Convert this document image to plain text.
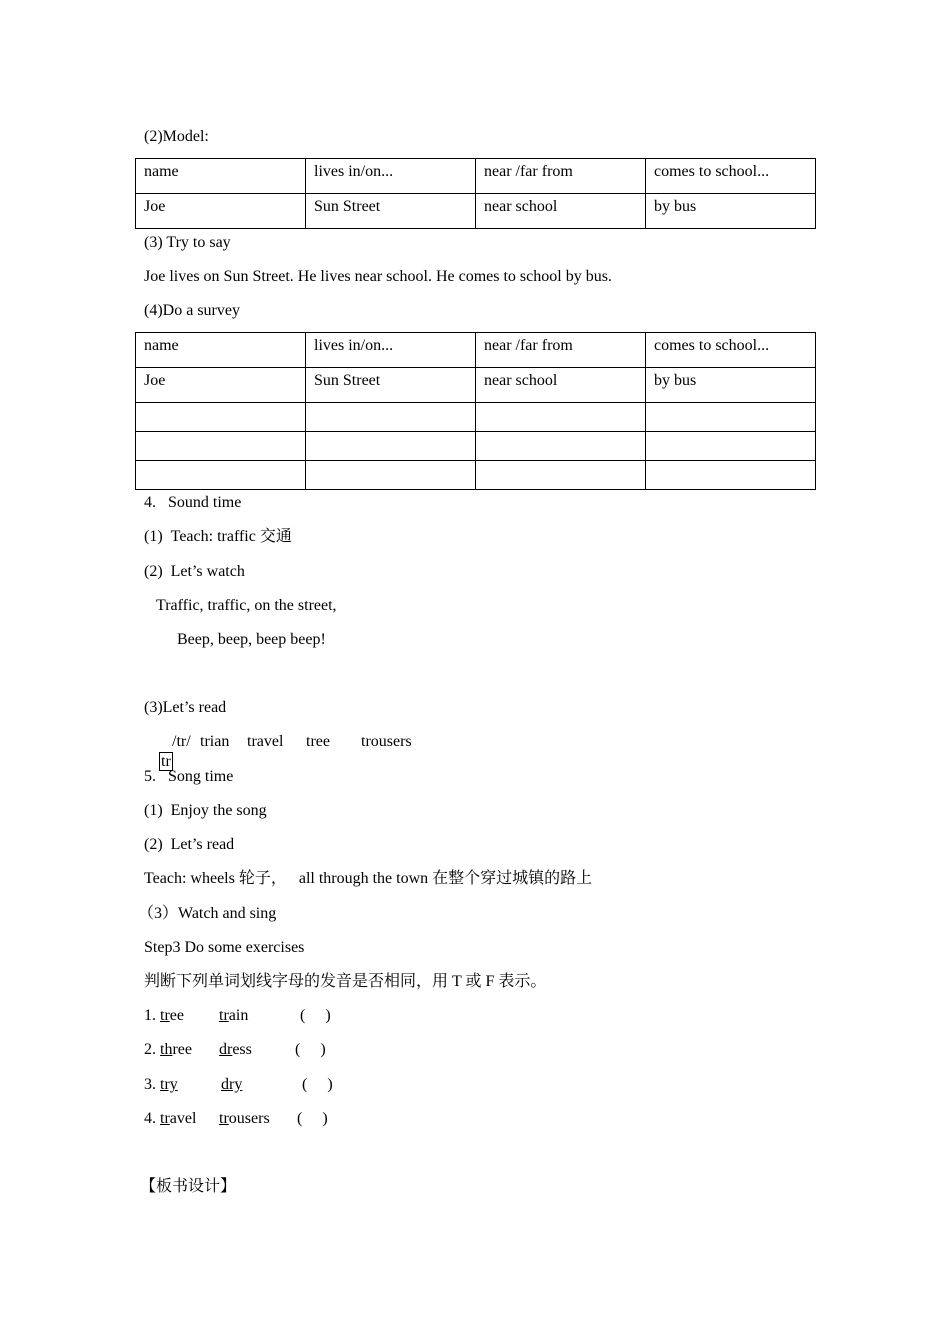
(2)Model:
name	lives in/on...	near /far from	comes to school...
Joe	Sun Street	near school	by bus
(3) Try to say
Joe lives on Sun Street. He lives near school. He comes to school by bus.
(4)Do a survey
name	lives in/on...	near /far from	comes to school...
Joe	Sun Street	near school	by bus

4.   Sound time
(1)  Teach: traffic 交通
(2)  Let’s watch
Traffic, traffic, on the street,
Beep, beep, beep beep!
(3)Let’s read

tr

/tr/ trian travel tree trousers
5.   Song time
(1)  Enjoy the song
(2)  Let’s read
Teach: wheels 轮子，   all through the town 在整个穿过城镇的路上
（3）Watch and sing
Step3 Do some exercises
判断下列单词划线字母的发音是否相同，用 T 或 F 表示。
1. tree train	(     )
2. three dress	(     )
3. try	dry	(     )
4. travel trousers (     )
【板书设计】
